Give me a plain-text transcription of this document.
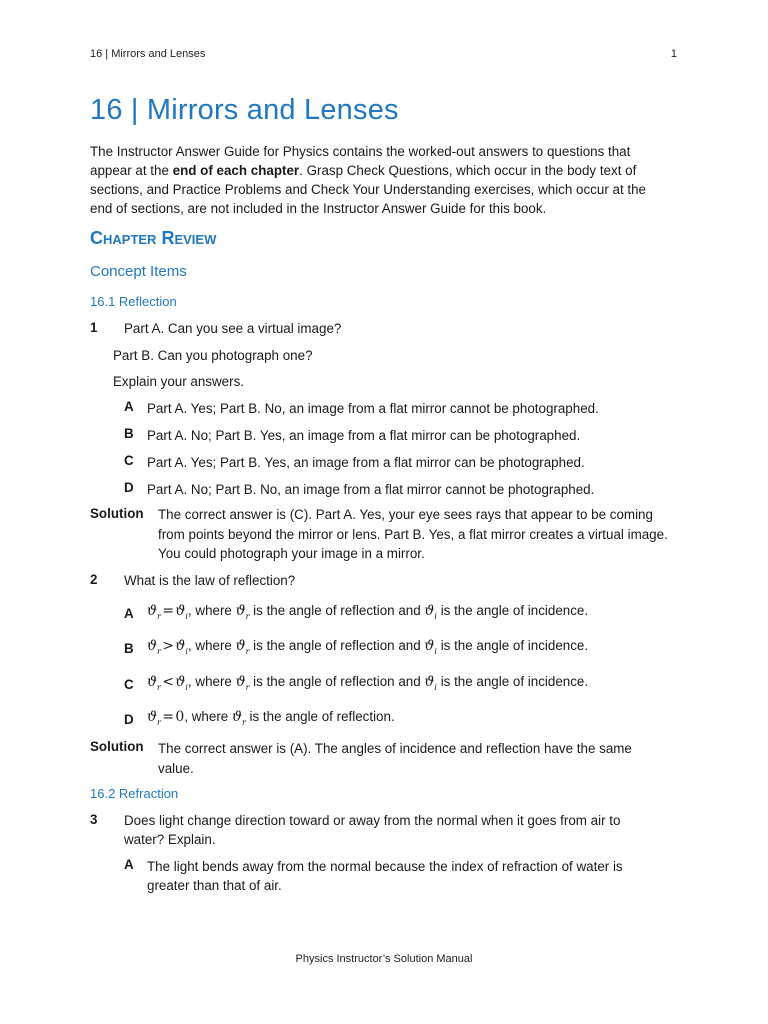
16 | Mirrors and Lenses	1
16 | Mirrors and Lenses
The Instructor Answer Guide for Physics contains the worked-out answers to questions that appear at the end of each chapter. Grasp Check Questions, which occur in the body text of sections, and Practice Problems and Check Your Understanding exercises, which occur at the end of sections, are not included in the Instructor Answer Guide for this book.
Chapter Review
Concept Items
16.1 Reflection
1 Part A. Can you see a virtual image?
Part B. Can you photograph one?
Explain your answers.
A Part A. Yes; Part B. No, an image from a flat mirror cannot be photographed.
B Part A. No; Part B. Yes, an image from a flat mirror can be photographed.
C Part A. Yes; Part B. Yes, an image from a flat mirror can be photographed.
D Part A. No; Part B. No, an image from a flat mirror cannot be photographed.
Solution The correct answer is (C). Part A. Yes, your eye sees rays that appear to be coming from points beyond the mirror or lens. Part B. Yes, a flat mirror creates a virtual image. You could photograph your image in a mirror.
2 What is the law of reflection?
A $ϑ_r$ = $ϑ_i$, where $ϑ_r$ is the angle of reflection and $ϑ_i$ is the angle of incidence.
B $ϑ_r$ > $ϑ_i$, where $ϑ_r$ is the angle of reflection and $ϑ_i$ is the angle of incidence.
C $ϑ_r$ < $ϑ_i$, where $ϑ_r$ is the angle of reflection and $ϑ_i$ is the angle of incidence.
D $ϑ_r$ = 0, where $ϑ_r$ is the angle of reflection.
Solution The correct answer is (A). The angles of incidence and reflection have the same value.
16.2 Refraction
3 Does light change direction toward or away from the normal when it goes from air to water? Explain.
A The light bends away from the normal because the index of refraction of water is greater than that of air.
Physics Instructor’s Solution Manual
